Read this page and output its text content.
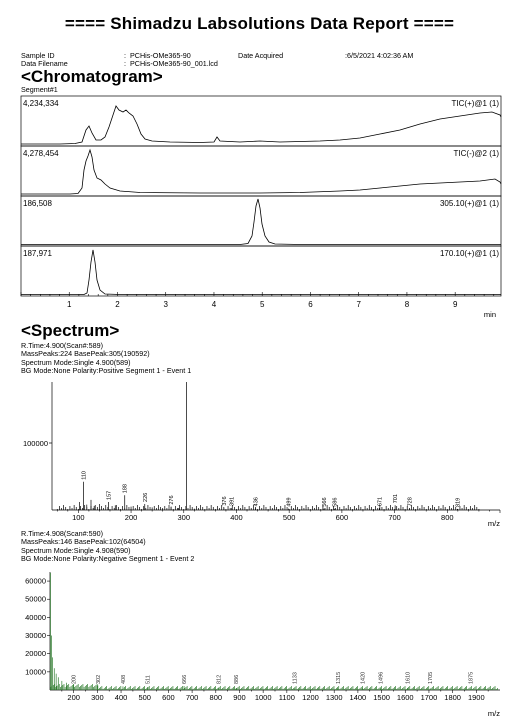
==== Shimadzu Labsolutions Data Report ====
Sample ID	: PCHis-OMe365-90	Date Acquired	:6/5/2021 4:02:36 AM
Data Filename	: PCHis-OMe365-90_001.lcd
<Chromatogram>
Segment#1
4,234,334	TIC(+)@1 (1)
4,278,454	TIC(-)@2 (1)
186,508	305.10(+)@1 (1)
187,971	170.10(+)@1 (1)
1	2	3	4	5	6	7	8	9
min
<Spectrum>
R.Time:4.900(Scan#:589)
MassPeaks:224 BasePeak:305(190592)
Spectrum Mode:Single 4.900(589)
BG Mode:None Polarity:Positive Segment 1 - Event 1
100000
110
157
188
226	276	376 391	436	499	566 586	671 701 728	819
100	200	300	400	500	600	700	800
m/z
R.Time:4.908(Scan#:590)
MassPeaks:146 BasePeak:102(64504)
Spectrum Mode:Single 4.908(590)
BG Mode:None Polarity:Negative Segment 1 - Event 2
60000
50000
40000
30000
20000
10000
200	302	408	511	666	812 886	1133	1315	1420 1496	1610	1705	1875
200 300 400 500 600 700 800 900 1000 1100 1200 1300 1400 1500 1600 1700 1800 1900
m/z
